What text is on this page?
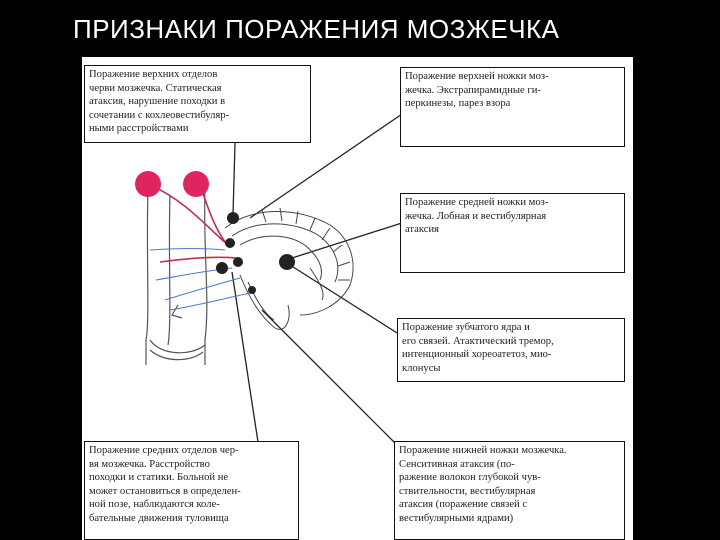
ПРИЗНАКИ ПОРАЖЕНИЯ МОЗЖЕЧКА
Поражение верхних отделов
черви мозжечка. Статическая
атаксия, нарушение походки в
сочетании с кохлеовестибуляр-
ными расстройствами
Поражение верхней ножки моз-
жечка. Экстрапирамидные ги-
перкинезы, парез взора
Поражение средней ножки моз-
жечка. Лобная и вестибулярная
атаксия
Поражение зубчатого ядра и
его связей. Атактический тремор,
интенционный хореоатетоз, мио-
клонусы
Поражение средних отделов чер-
вя мозжечка. Расстройство
походки и статики. Больной не
может остановиться в определен-
ной позе, наблюдаются коле-
бательные движения туловища
Поражение нижней ножки мозжечка.
Сенситивная атаксия (по-
ражение волокон глубокой чув-
ствительности, вестибулярная
атаксия (поражение связей с
вестибулярными ядрами)
